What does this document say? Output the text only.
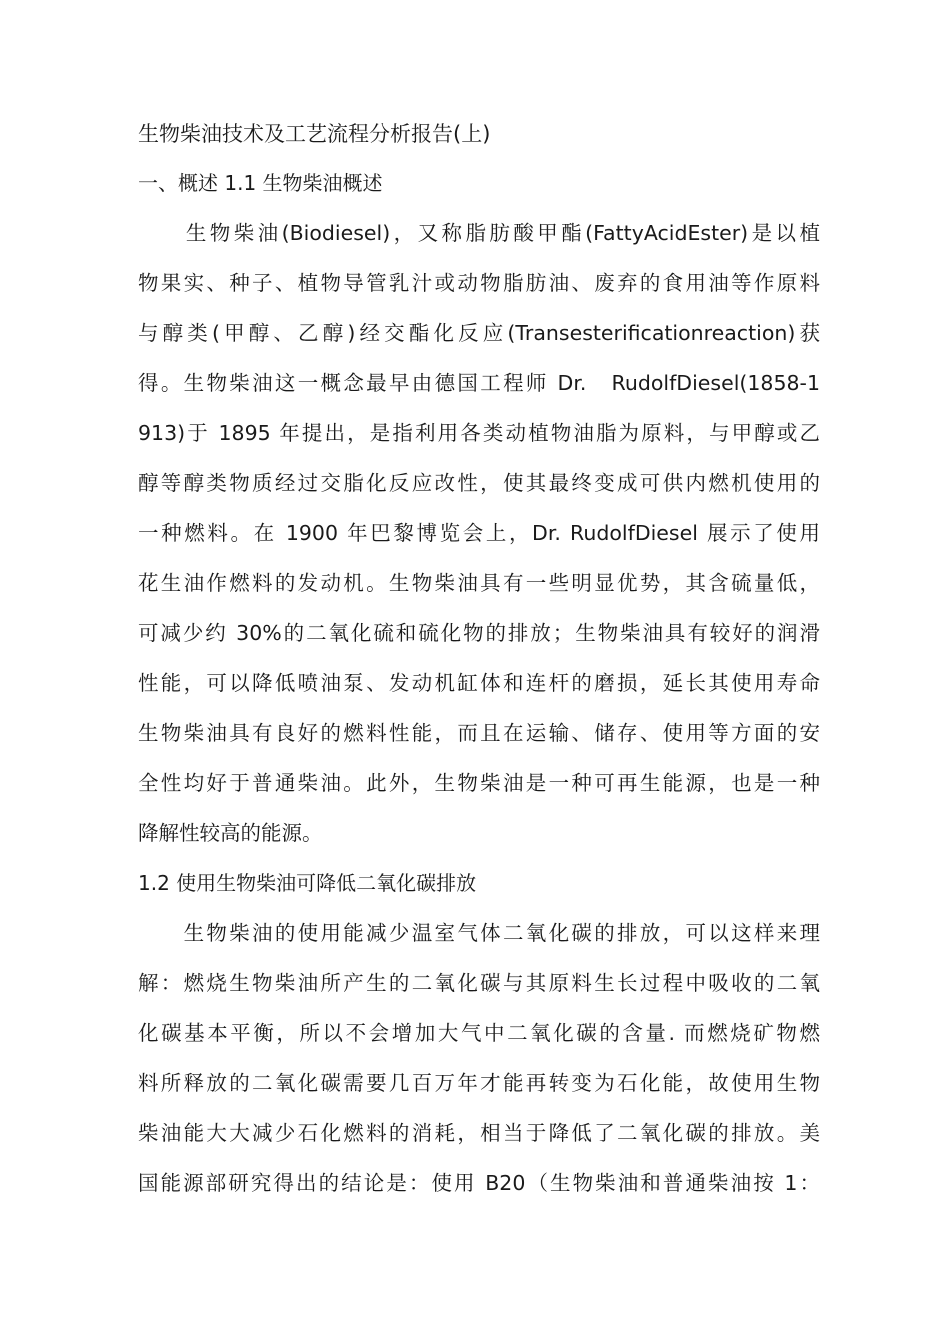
生物柴油技术及工艺流程分析报告(上)
一、概述 1.1 生物柴油概述

　　生物柴油(Biodiesel)，又称脂肪酸甲酯(FattyAcidEster)是以植
物果实、种子、植物导管乳汁或动物脂肪油、废弃的食用油等作原料
与醇类(甲醇、乙醇)经交酯化反应(Transesterificationreaction)获
得。生物柴油这一概念最早由德国工程师 Dr.　RudolfDiesel(1858-1
913)于 1895 年提出，是指利用各类动植物油脂为原料，与甲醇或乙
醇等醇类物质经过交脂化反应改性，使其最终变成可供内燃机使用的
一种燃料。在 1900 年巴黎博览会上，Dr. RudolfDiesel 展示了使用
花生油作燃料的发动机。生物柴油具有一些明显优势，其含硫量低，
可减少约 30%的二氧化硫和硫化物的排放；生物柴油具有较好的润滑
性能，可以降低喷油泵、发动机缸体和连杆的磨损，延长其使用寿命
生物柴油具有良好的燃料性能，而且在运输、储存、使用等方面的安
全性均好于普通柴油。此外，生物柴油是一种可再生能源，也是一种
降解性较高的能源。

1.2 使用生物柴油可降低二氧化碳排放

　　生物柴油的使用能减少温室气体二氧化碳的排放，可以这样来理
解：燃烧生物柴油所产生的二氧化碳与其原料生长过程中吸收的二氧
化碳基本平衡，所以不会增加大气中二氧化碳的含量. 而燃烧矿物燃
料所释放的二氧化碳需要几百万年才能再转变为石化能，故使用生物
柴油能大大减少石化燃料的消耗，相当于降低了二氧化碳的排放。美
国能源部研究得出的结论是：使用 B20（生物柴油和普通柴油按 1：
